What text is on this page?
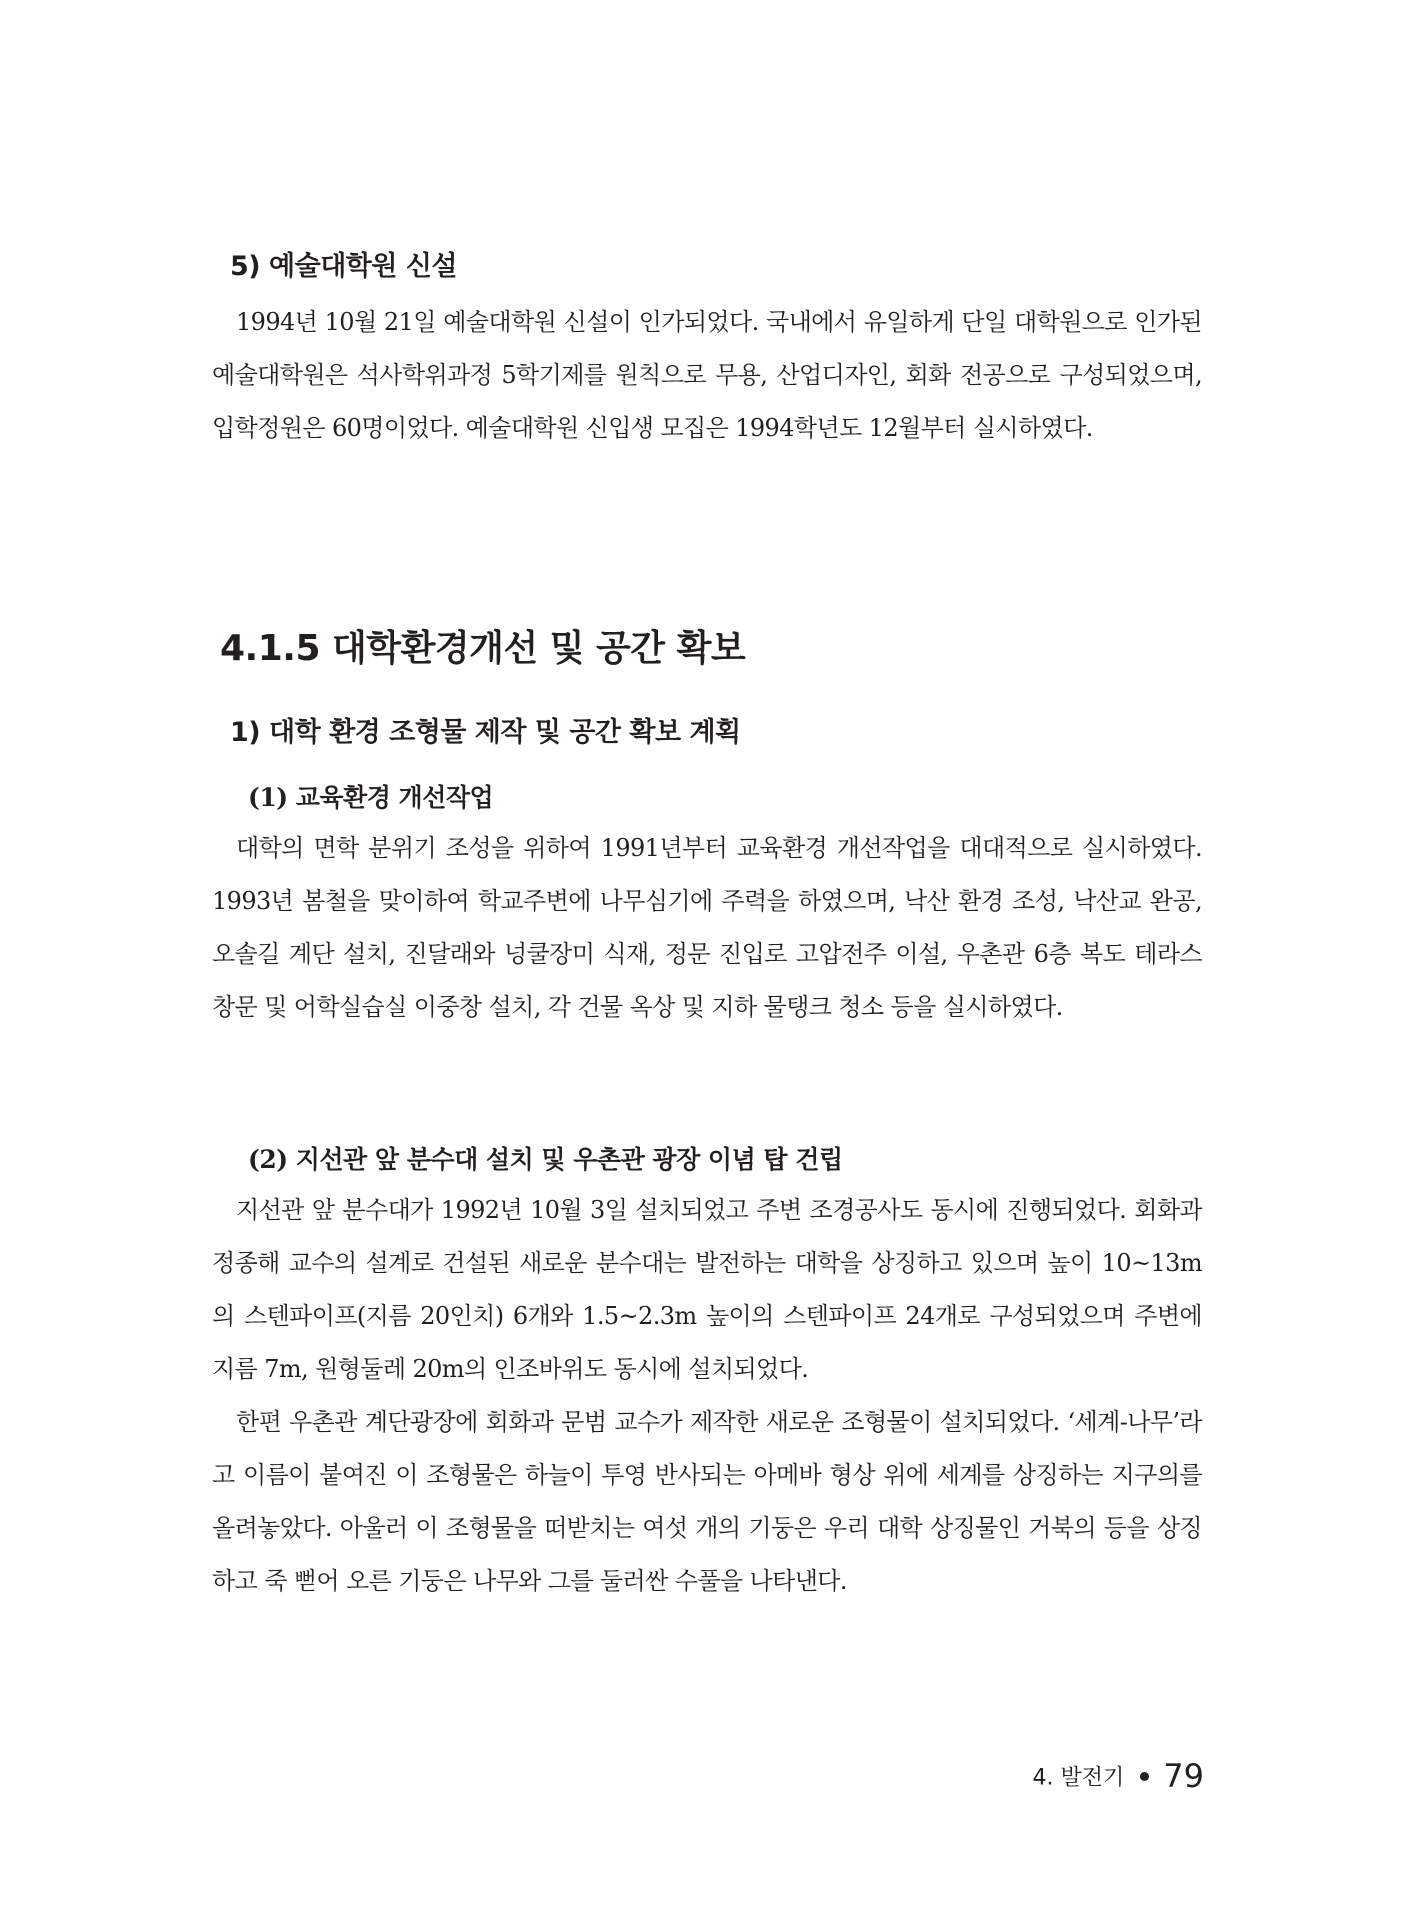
5) 예술대학원 신설

1994년 10월 21일 예술대학원 신설이 인가되었다. 국내에서 유일하게 단일 대학원으로 인가된 예술대학원은 석사학위과정 5학기제를 원칙으로 무용, 산업디자인, 회화 전공으로 구성되었으며, 입학정원은 60명이었다. 예술대학원 신입생 모집은 1994학년도 12월부터 실시하였다.

4.1.5 대학환경개선 및 공간 확보
1) 대학 환경 조형물 제작 및 공간 확보 계획
(1) 교육환경 개선작업

대학의 면학 분위기 조성을 위하여 1991년부터 교육환경 개선작업을 대대적으로 실시하였다. 1993년 봄철을 맞이하여 학교주변에 나무심기에 주력을 하였으며, 낙산 환경 조성, 낙산교 완공, 오솔길 계단 설치, 진달래와 넝쿨장미 식재, 정문 진입로 고압전주 이설, 우촌관 6층 복도 테라스 창문 및 어학실습실 이중창 설치, 각 건물 옥상 및 지하 물탱크 청소 등을 실시하였다.

(2) 지선관 앞 분수대 설치 및 우촌관 광장 이념 탑 건립

지선관 앞 분수대가 1992년 10월 3일 설치되었고 주변 조경공사도 동시에 진행되었다. 회화과 정종해 교수의 설계로 건설된 새로운 분수대는 발전하는 대학을 상징하고 있으며 높이 10~13m의 스텐파이프(지름 20인치) 6개와 1.5~2.3m 높이의 스텐파이프 24개로 구성되었으며 주변에 지름 7m, 원형둘레 20m의 인조바위도 동시에 설치되었다.

한편 우촌관 계단광장에 회화과 문범 교수가 제작한 새로운 조형물이 설치되었다. ‘세계-나무’라고 이름이 붙여진 이 조형물은 하늘이 투영 반사되는 아메바 형상 위에 세계를 상징하는 지구의를 올려놓았다. 아울러 이 조형물을 떠받치는 여섯 개의 기둥은 우리 대학 상징물인 거북의 등을 상징하고 죽 뻗어 오른 기둥은 나무와 그를 둘러싼 수풀을 나타낸다.

4. 발전기 79
